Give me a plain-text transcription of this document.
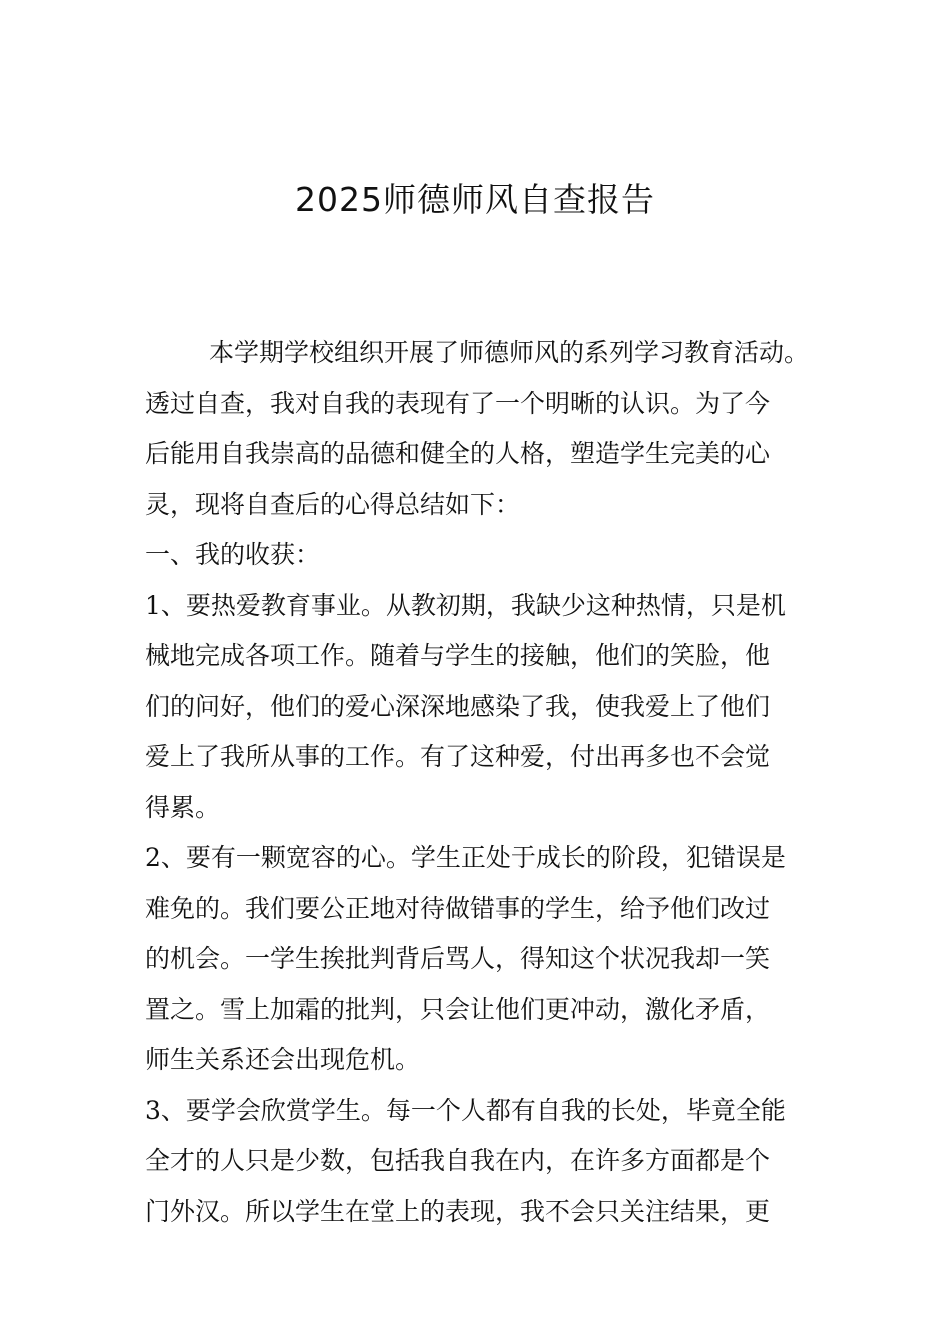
2025师德师风自查报告
本学期学校组织开展了师德师风的系列学习教育活动。
透过自查，我对自我的表现有了一个明晰的认识。为了今
后能用自我崇高的品德和健全的人格，塑造学生完美的心
灵，现将自查后的心得总结如下：
一、我的收获：
1、要热爱教育事业。从教初期，我缺少这种热情，只是机
械地完成各项工作。随着与学生的接触，他们的笑脸，他
们的问好，他们的爱心深深地感染了我，使我爱上了他们
爱上了我所从事的工作。有了这种爱，付出再多也不会觉
得累。
2、要有一颗宽容的心。学生正处于成长的阶段，犯错误是
难免的。我们要公正地对待做错事的学生，给予他们改过
的机会。一学生挨批判背后骂人，得知这个状况我却一笑
置之。雪上加霜的批判，只会让他们更冲动，激化矛盾，
师生关系还会出现危机。
3、要学会欣赏学生。每一个人都有自我的长处，毕竟全能
全才的人只是少数，包括我自我在内，在许多方面都是个
门外汉。所以学生在堂上的表现，我不会只关注结果，更
